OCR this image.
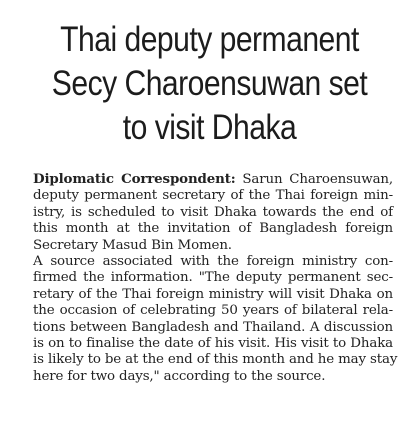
Thai deputy permanent
Secy Charoensuwan set
to visit Dhaka
Diplomatic Correspondent: Sarun Charoensuwan,
deputy permanent secretary of the Thai foreign min-
istry, is scheduled to visit Dhaka towards the end of
this month at the invitation of Bangladesh foreign
Secretary Masud Bin Momen.
A source associated with the foreign ministry con-
firmed the information. "The deputy permanent sec-
retary of the Thai foreign ministry will visit Dhaka on
the occasion of celebrating 50 years of bilateral rela-
tions between Bangladesh and Thailand. A discussion
is on to finalise the date of his visit. His visit to Dhaka
is likely to be at the end of this month and he may stay
here for two days," according to the source.
